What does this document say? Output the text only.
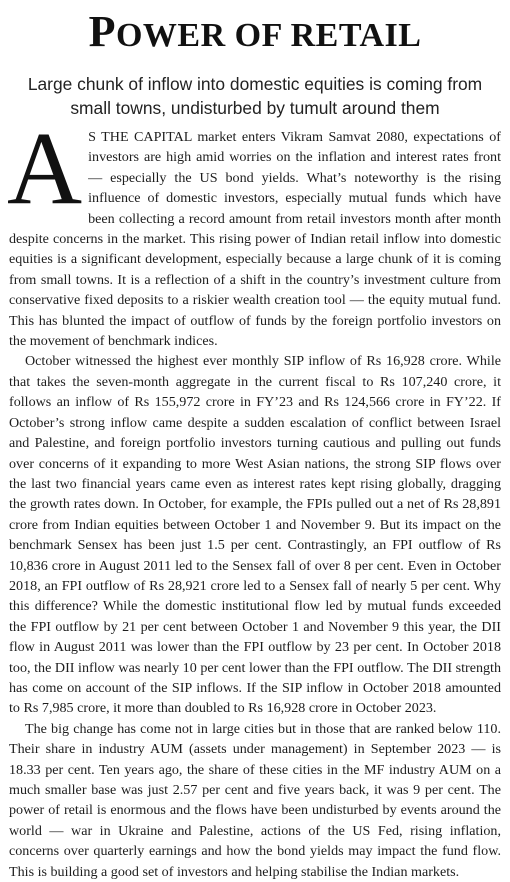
POWER OF RETAIL
Large chunk of inflow into domestic equities is coming from
small towns, undisturbed by tumult around them
A S THE CAPITAL market enters Vikram Samvat 2080, expectations of investors are high amid worries on the inflation and interest rates front — especially the US bond yields. What’s noteworthy is the rising influence of domestic investors, especially mutual funds which have been collecting a record amount from retail investors month after month despite concerns in the market. This rising power of Indian retail inflow into domestic equities is a significant development, especially because a large chunk of it is coming from small towns. It is a reflection of a shift in the country’s investment culture from conservative fixed deposits to a riskier wealth creation tool — the equity mutual fund. This has blunted the impact of outflow of funds by the foreign portfolio investors on the movement of benchmark indices.

October witnessed the highest ever monthly SIP inflow of Rs 16,928 crore. While that takes the seven-month aggregate in the current fiscal to Rs 107,240 crore, it follows an inflow of Rs 155,972 crore in FY’23 and Rs 124,566 crore in FY’22. If October’s strong inflow came despite a sudden escalation of conflict between Israel and Palestine, and foreign portfolio investors turning cautious and pulling out funds over concerns of it expanding to more West Asian nations, the strong SIP flows over the last two financial years came even as interest rates kept rising globally, dragging the growth rates down. In October, for example, the FPIs pulled out a net of Rs 28,891 crore from Indian equities between October 1 and November 9. But its impact on the benchmark Sensex has been just 1.5 per cent. Contrastingly, an FPI outflow of Rs 10,836 crore in August 2011 led to the Sensex fall of over 8 per cent. Even in October 2018, an FPI outflow of Rs 28,921 crore led to a Sensex fall of nearly 5 per cent. Why this difference? While the domestic institutional flow led by mutual funds exceeded the FPI outflow by 21 per cent between October 1 and November 9 this year, the DII flow in August 2011 was lower than the FPI outflow by 23 per cent. In October 2018 too, the DII inflow was nearly 10 per cent lower than the FPI outflow. The DII strength has come on account of the SIP inflows. If the SIP inflow in October 2018 amounted to Rs 7,985 crore, it more than doubled to Rs 16,928 crore in October 2023.

The big change has come not in large cities but in those that are ranked below 110. Their share in industry AUM (assets under management) in September 2023 — is 18.33 per cent. Ten years ago, the share of these cities in the MF industry AUM on a much smaller base was just 2.57 per cent and five years back, it was 9 per cent. The power of retail is enormous and the flows have been undisturbed by events around the world — war in Ukraine and Palestine, actions of the US Fed, rising inflation, concerns over quarterly earnings and how the bond yields may impact the fund flow. This is building a good set of investors and helping stabilise the Indian markets.
